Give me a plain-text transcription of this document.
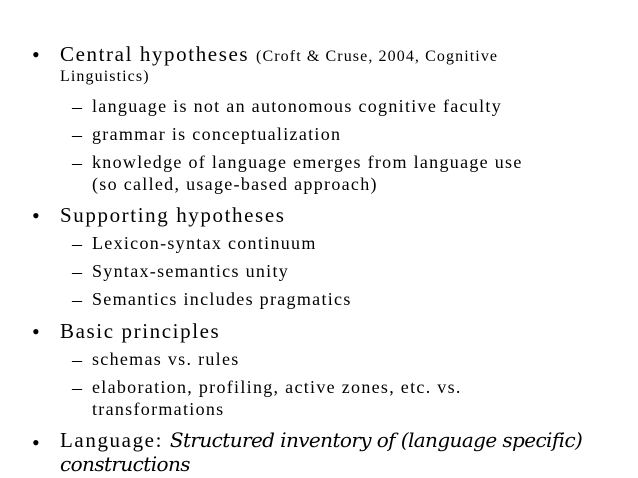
• Central hypotheses (Croft & Cruse, 2004, Cognitive
Linguistics)
– language is not an autonomous cognitive faculty
– grammar is conceptualization
– knowledge of language emerges from language use
(so called, usage-based approach)
• Supporting hypotheses
– Lexicon-syntax continuum
– Syntax-semantics unity
– Semantics includes pragmatics
• Basic principles
– schemas vs. rules
– elaboration, profiling, active zones, etc. vs.
transformations
• Language: Structured inventory of (language specific)
constructions
